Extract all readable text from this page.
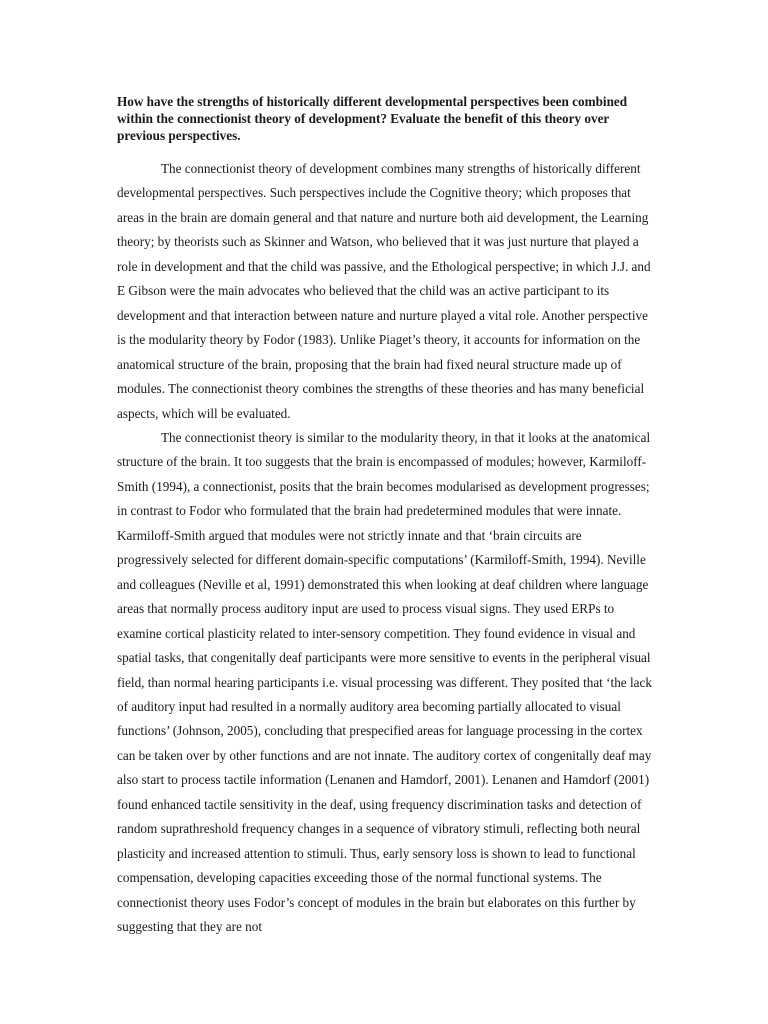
How have the strengths of historically different developmental perspectives been combined within the connectionist theory of development? Evaluate the benefit of this theory over previous perspectives.

The connectionist theory of development combines many strengths of historically different developmental perspectives. Such perspectives include the Cognitive theory; which proposes that areas in the brain are domain general and that nature and nurture both aid development, the Learning theory; by theorists such as Skinner and Watson, who believed that it was just nurture that played a role in development and that the child was passive, and the Ethological perspective; in which J.J. and E Gibson were the main advocates who believed that the child was an active participant to its development and that interaction between nature and nurture played a vital role. Another perspective is the modularity theory by Fodor (1983). Unlike Piaget’s theory, it accounts for information on the anatomical structure of the brain, proposing that the brain had fixed neural structure made up of modules. The connectionist theory combines the strengths of these theories and has many beneficial aspects, which will be evaluated.

The connectionist theory is similar to the modularity theory, in that it looks at the anatomical structure of the brain. It too suggests that the brain is encompassed of modules; however, Karmiloff-Smith (1994), a connectionist, posits that the brain becomes modularised as development progresses; in contrast to Fodor who formulated that the brain had predetermined modules that were innate. Karmiloff-Smith argued that modules were not strictly innate and that ‘brain circuits are progressively selected for different domain-specific computations’ (Karmiloff-Smith, 1994). Neville and colleagues (Neville et al, 1991) demonstrated this when looking at deaf children where language areas that normally process auditory input are used to process visual signs. They used ERPs to examine cortical plasticity related to inter-sensory competition. They found evidence in visual and spatial tasks, that congenitally deaf participants were more sensitive to events in the peripheral visual field, than normal hearing participants i.e. visual processing was different. They posited that ‘the lack of auditory input had resulted in a normally auditory area becoming partially allocated to visual functions’ (Johnson, 2005), concluding that prespecified areas for language processing in the cortex can be taken over by other functions and are not innate. The auditory cortex of congenitally deaf may also start to process tactile information (Lenanen and Hamdorf, 2001). Lenanen and Hamdorf (2001) found enhanced tactile sensitivity in the deaf, using frequency discrimination tasks and detection of random suprathreshold frequency changes in a sequence of vibratory stimuli, reflecting both neural plasticity and increased attention to stimuli. Thus, early sensory loss is shown to lead to functional compensation, developing capacities exceeding those of the normal functional systems. The connectionist theory uses Fodor’s concept of modules in the brain but elaborates on this further by suggesting that they are not
